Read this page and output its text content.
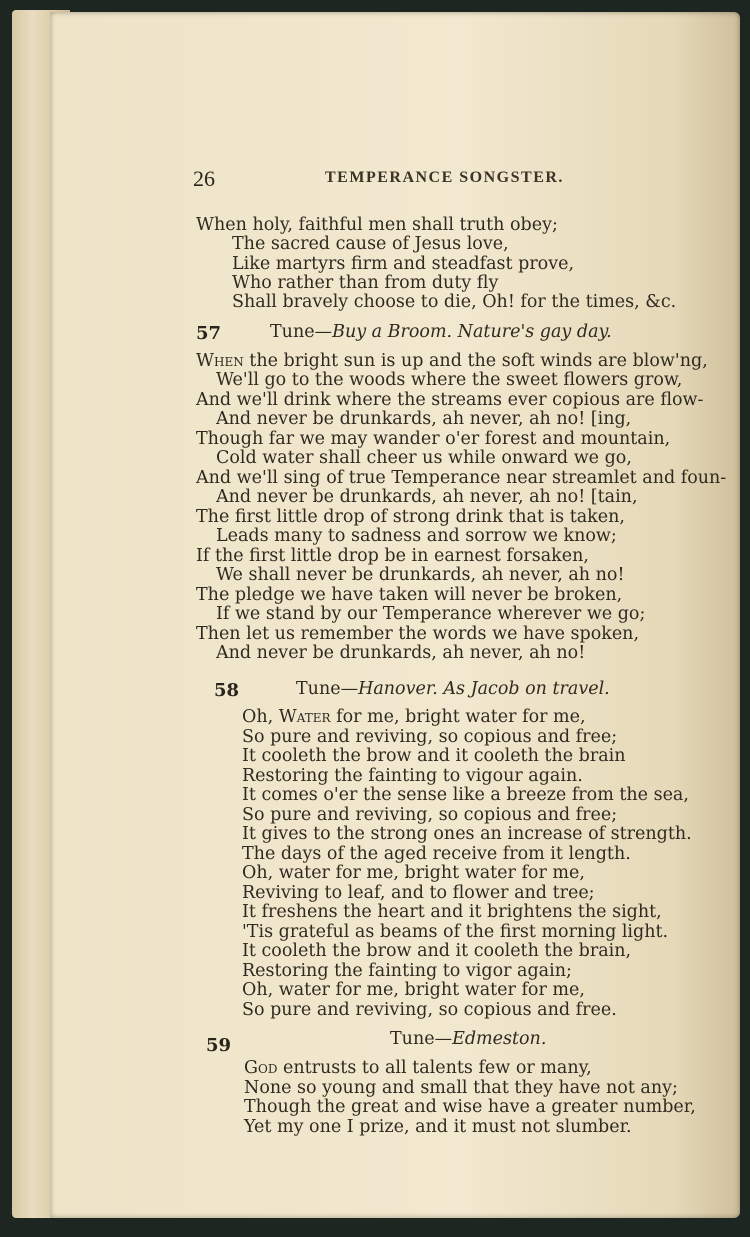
26	TEMPERANCE SONGSTER.
When holy, faithful men shall truth obey;
The sacred cause of Jesus love,
Like martyrs firm and steadfast prove,
Who rather than from duty fly
Shall bravely choose to die, Oh! for the times, &c.
57	Tune—Buy a Broom. Nature's gay day.
When the bright sun is up and the soft winds are blow'ng,
We'll go to the woods where the sweet flowers grow,
And we'll drink where the streams ever copious are flow-
And never be drunkards, ah never, ah no! [ing,
Though far we may wander o'er forest and mountain,
Cold water shall cheer us while onward we go,
And we'll sing of true Temperance near streamlet and foun-
And never be drunkards, ah never, ah no! [tain,
The first little drop of strong drink that is taken,
Leads many to sadness and sorrow we know;
If the first little drop be in earnest forsaken,
We shall never be drunkards, ah never, ah no!
The pledge we have taken will never be broken,
If we stand by our Temperance wherever we go;
Then let us remember the words we have spoken,
And never be drunkards, ah never, ah no!
58	Tune—Hanover. As Jacob on travel.
Oh, Water for me, bright water for me,
So pure and reviving, so copious and free;
It cooleth the brow and it cooleth the brain
Restoring the fainting to vigour again.
It comes o'er the sense like a breeze from the sea,
So pure and reviving, so copious and free;
It gives to the strong ones an increase of strength.
The days of the aged receive from it length.
Oh, water for me, bright water for me,
Reviving to leaf, and to flower and tree;
It freshens the heart and it brightens the sight,
'Tis grateful as beams of the first morning light.
It cooleth the brow and it cooleth the brain,
Restoring the fainting to vigor again;
Oh, water for me, bright water for me,
So pure and reviving, so copious and free.
59	Tune—Edmeston.
God entrusts to all talents few or many,
None so young and small that they have not any;
Though the great and wise have a greater number,
Yet my one I prize, and it must not slumber.
